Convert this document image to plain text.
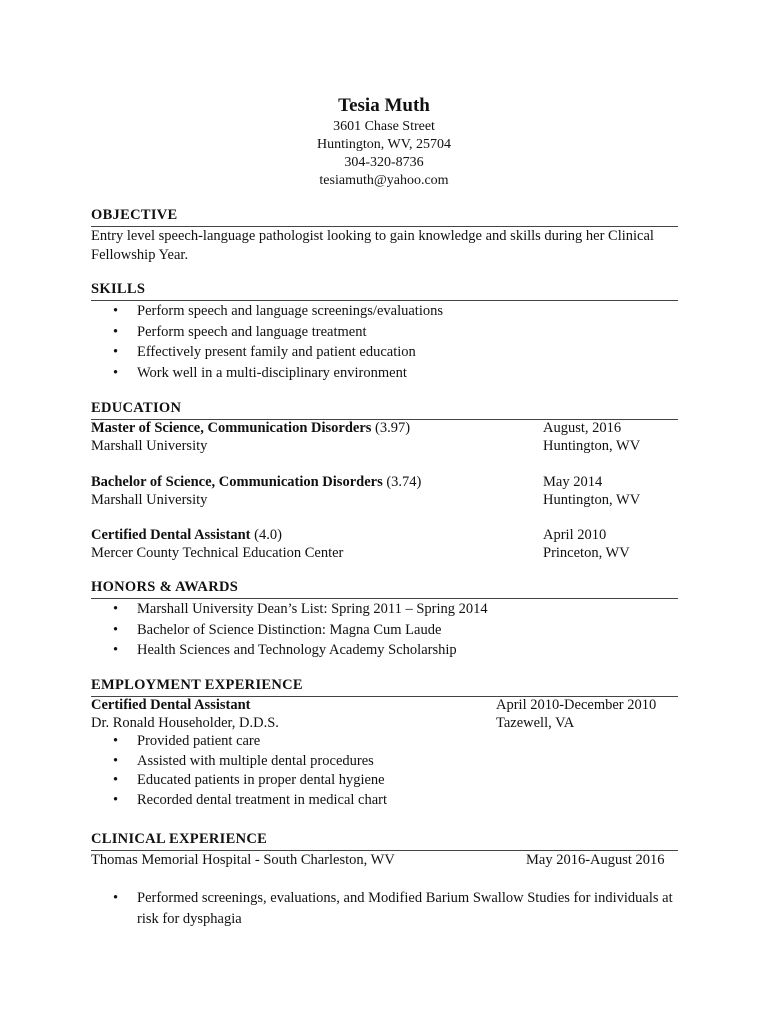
Tesia Muth
3601 Chase Street
Huntington, WV, 25704
304-320-8736
tesiamuth@yahoo.com
OBJECTIVE
Entry level speech-language pathologist looking to gain knowledge and skills during her Clinical Fellowship Year.
SKILLS
• Perform speech and language screenings/evaluations
• Perform speech and language treatment
• Effectively present family and patient education
• Work well in a multi-disciplinary environment
EDUCATION
Master of Science, Communication Disorders (3.97)	August, 2016
Marshall University	Huntington, WV
Bachelor of Science, Communication Disorders (3.74)	May 2014
Marshall University	Huntington, WV
Certified Dental Assistant (4.0)	April 2010
Mercer County Technical Education Center	Princeton, WV
HONORS & AWARDS
• Marshall University Dean’s List: Spring 2011 – Spring 2014
• Bachelor of Science Distinction: Magna Cum Laude
• Health Sciences and Technology Academy Scholarship
EMPLOYMENT EXPERIENCE
Certified Dental Assistant	April 2010-December 2010
Dr. Ronald Householder, D.D.S.	Tazewell, VA
• Provided patient care
• Assisted with multiple dental procedures
• Educated patients in proper dental hygiene
• Recorded dental treatment in medical chart
CLINICAL EXPERIENCE
Thomas Memorial Hospital - South Charleston, WV	May 2016-August 2016
• Performed screenings, evaluations, and Modified Barium Swallow Studies for individuals at risk for dysphagia
